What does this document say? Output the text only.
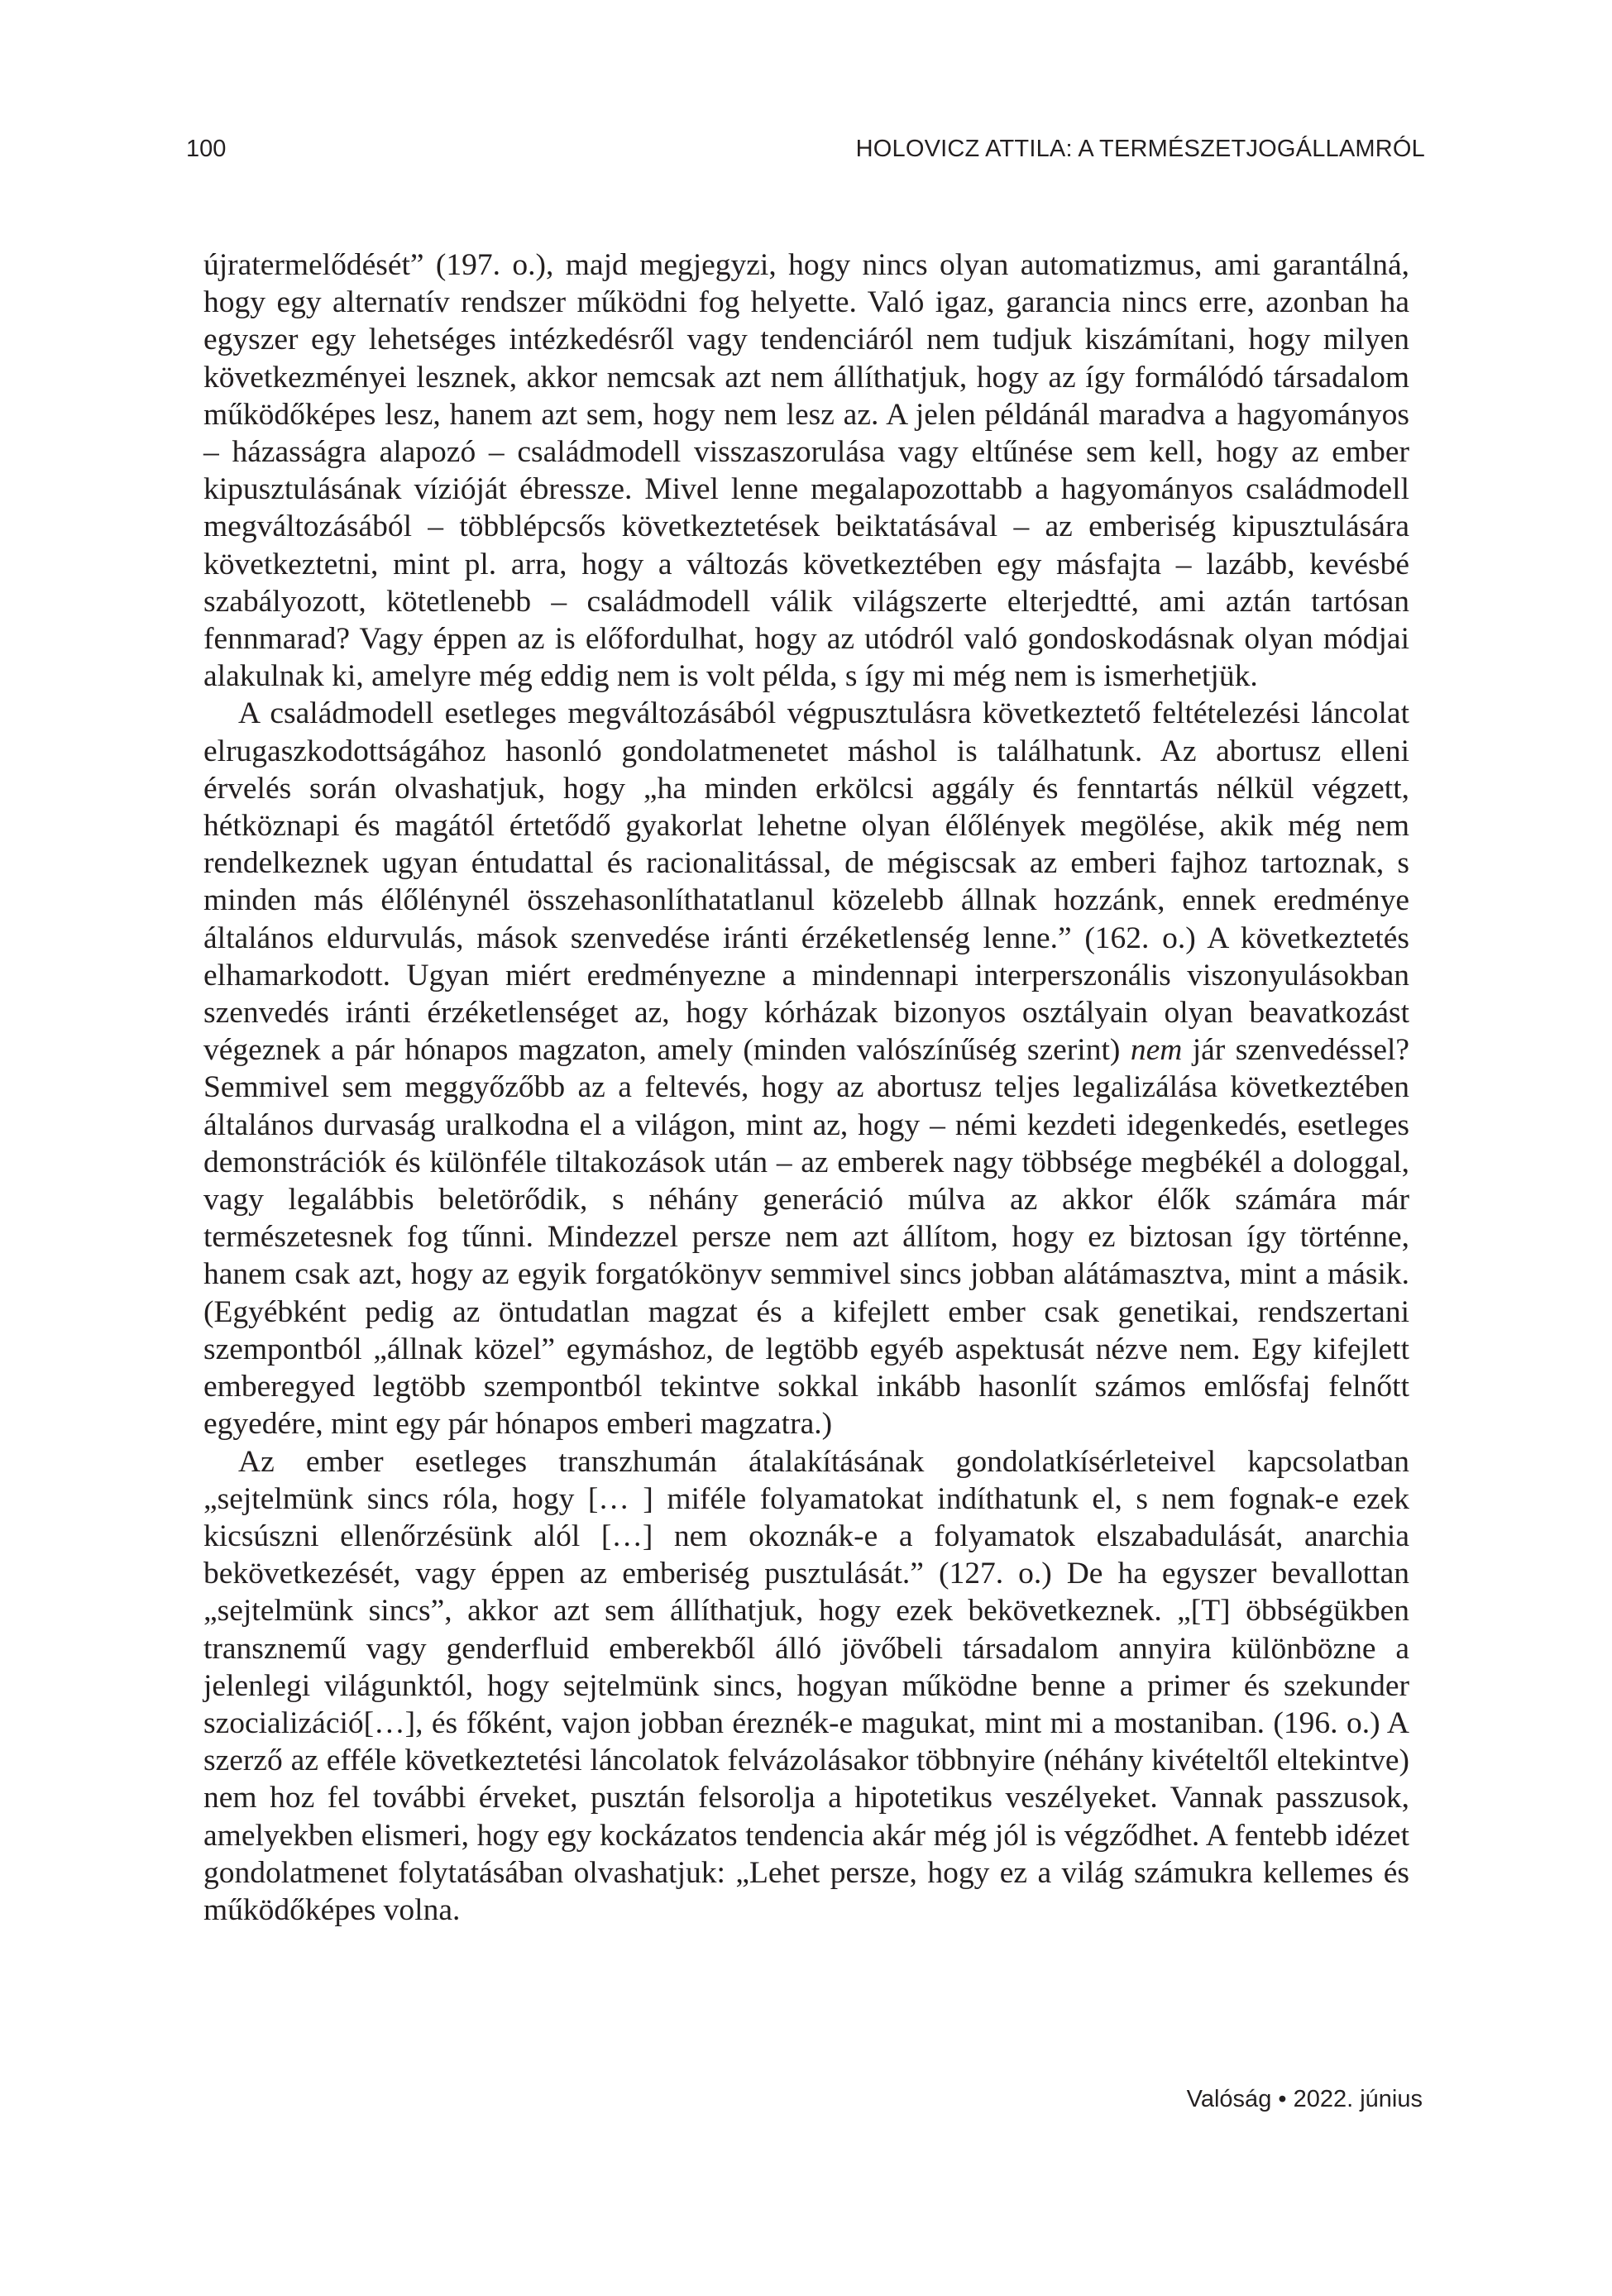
100	HOLOVICZ ATTILA: A TERMÉSZETJOGÁLLAMRÓL

újratermelődését” (197. o.), majd megjegyzi, hogy nincs olyan automatizmus, ami garantálná, hogy egy alternatív rendszer működni fog helyette. Való igaz, garancia nincs erre, azonban ha egyszer egy lehetséges intézkedésről vagy tendenciáról nem tudjuk kiszámítani, hogy milyen következményei lesznek, akkor nemcsak azt nem állíthatjuk, hogy az így formálódó társadalom működőképes lesz, hanem azt sem, hogy nem lesz az. A jelen példánál maradva a hagyományos – házasságra alapozó – családmodell visszaszorulása vagy eltűnése sem kell, hogy az ember kipusztulásának vízióját ébressze. Mivel lenne megalapozottabb a hagyományos családmodell megváltozásából – többlépcsős következtetések beiktatásával – az emberiség kipusztulására következtetni, mint pl. arra, hogy a változás következtében egy másfajta – lazább, kevésbé szabályozott, kötetlenebb – családmodell válik világszerte elterjedtté, ami aztán tartósan fennmarad? Vagy éppen az is előfordulhat, hogy az utódról való gondoskodásnak olyan módjai alakulnak ki, amelyre még eddig nem is volt példa, s így mi még nem is ismerhetjük.

A családmodell esetleges megváltozásából végpusztulásra következtető feltételezési láncolat elrugaszkodottságához hasonló gondolatmenetet máshol is találhatunk. Az abortusz elleni érvelés során olvashatjuk, hogy „ha minden erkölcsi aggály és fenntartás nélkül végzett, hétköznapi és magától értetődő gyakorlat lehetne olyan élőlények megölése, akik még nem rendelkeznek ugyan éntudattal és racionalitással, de mégiscsak az emberi fajhoz tartoznak, s minden más élőlénynél összehasonlíthatatlanul közelebb állnak hozzánk, ennek eredménye általános eldurvulás, mások szenvedése iránti érzéketlenség lenne.” (162. o.) A következtetés elhamarkodott. Ugyan miért eredményezne a mindennapi interperszonális viszonyulásokban szenvedés iránti érzéketlenséget az, hogy kórházak bizonyos osztályain olyan beavatkozást végeznek a pár hónapos magzaton, amely (minden valószínűség szerint) nem jár szenvedéssel? Semmivel sem meggyőzőbb az a feltevés, hogy az abortusz teljes legalizálása következtében általános durvaság uralkodna el a világon, mint az, hogy – némi kezdeti idegenkedés, esetleges demonstrációk és különféle tiltakozások után – az emberek nagy többsége megbékél a dologgal, vagy legalábbis beletörődik, s néhány generáció múlva az akkor élők számára már természetesnek fog tűnni. Mindezzel persze nem azt állítom, hogy ez biztosan így történne, hanem csak azt, hogy az egyik forgatókönyv semmivel sincs jobban alátámasztva, mint a másik. (Egyébként pedig az öntudatlan magzat és a kifejlett ember csak genetikai, rendszertani szempontból „állnak közel” egymáshoz, de legtöbb egyéb aspektusát nézve nem. Egy kifejlett emberegyed legtöbb szempontból tekintve sokkal inkább hasonlít számos emlősfaj felnőtt egyedére, mint egy pár hónapos emberi magzatra.)

Az ember esetleges transzhumán átalakításának gondolatkísérleteivel kapcsolatban „sejtelmünk sincs róla, hogy [… ] miféle folyamatokat indíthatunk el, s nem fognak-e ezek kicsúszni ellenőrzésünk alól […] nem okoznák-e a folyamatok elszabadulását, anarchia bekövetkezését, vagy éppen az emberiség pusztulását.” (127. o.) De ha egyszer bevallottan „sejtelmünk sincs”, akkor azt sem állíthatjuk, hogy ezek bekövetkeznek. „[T] öbbségükben transznemű vagy genderfluid emberekből álló jövőbeli társadalom annyira különbözne a jelenlegi világunktól, hogy sejtelmünk sincs, hogyan működne benne a primer és szekunder szocializáció[…], és főként, vajon jobban éreznék-e magukat, mint mi a mostaniban. (196. o.) A szerző az efféle következtetési láncolatok felvázolásakor többnyire (néhány kivételtől eltekintve) nem hoz fel további érveket, pusztán felsorolja a hipotetikus veszélyeket. Vannak passzusok, amelyekben elismeri, hogy egy kockázatos tendencia akár még jól is végződhet. A fentebb idézet gondolatmenet folytatásában olvashatjuk: „Lehet persze, hogy ez a világ számukra kellemes és működőképes volna.

Valóság • 2022. június
